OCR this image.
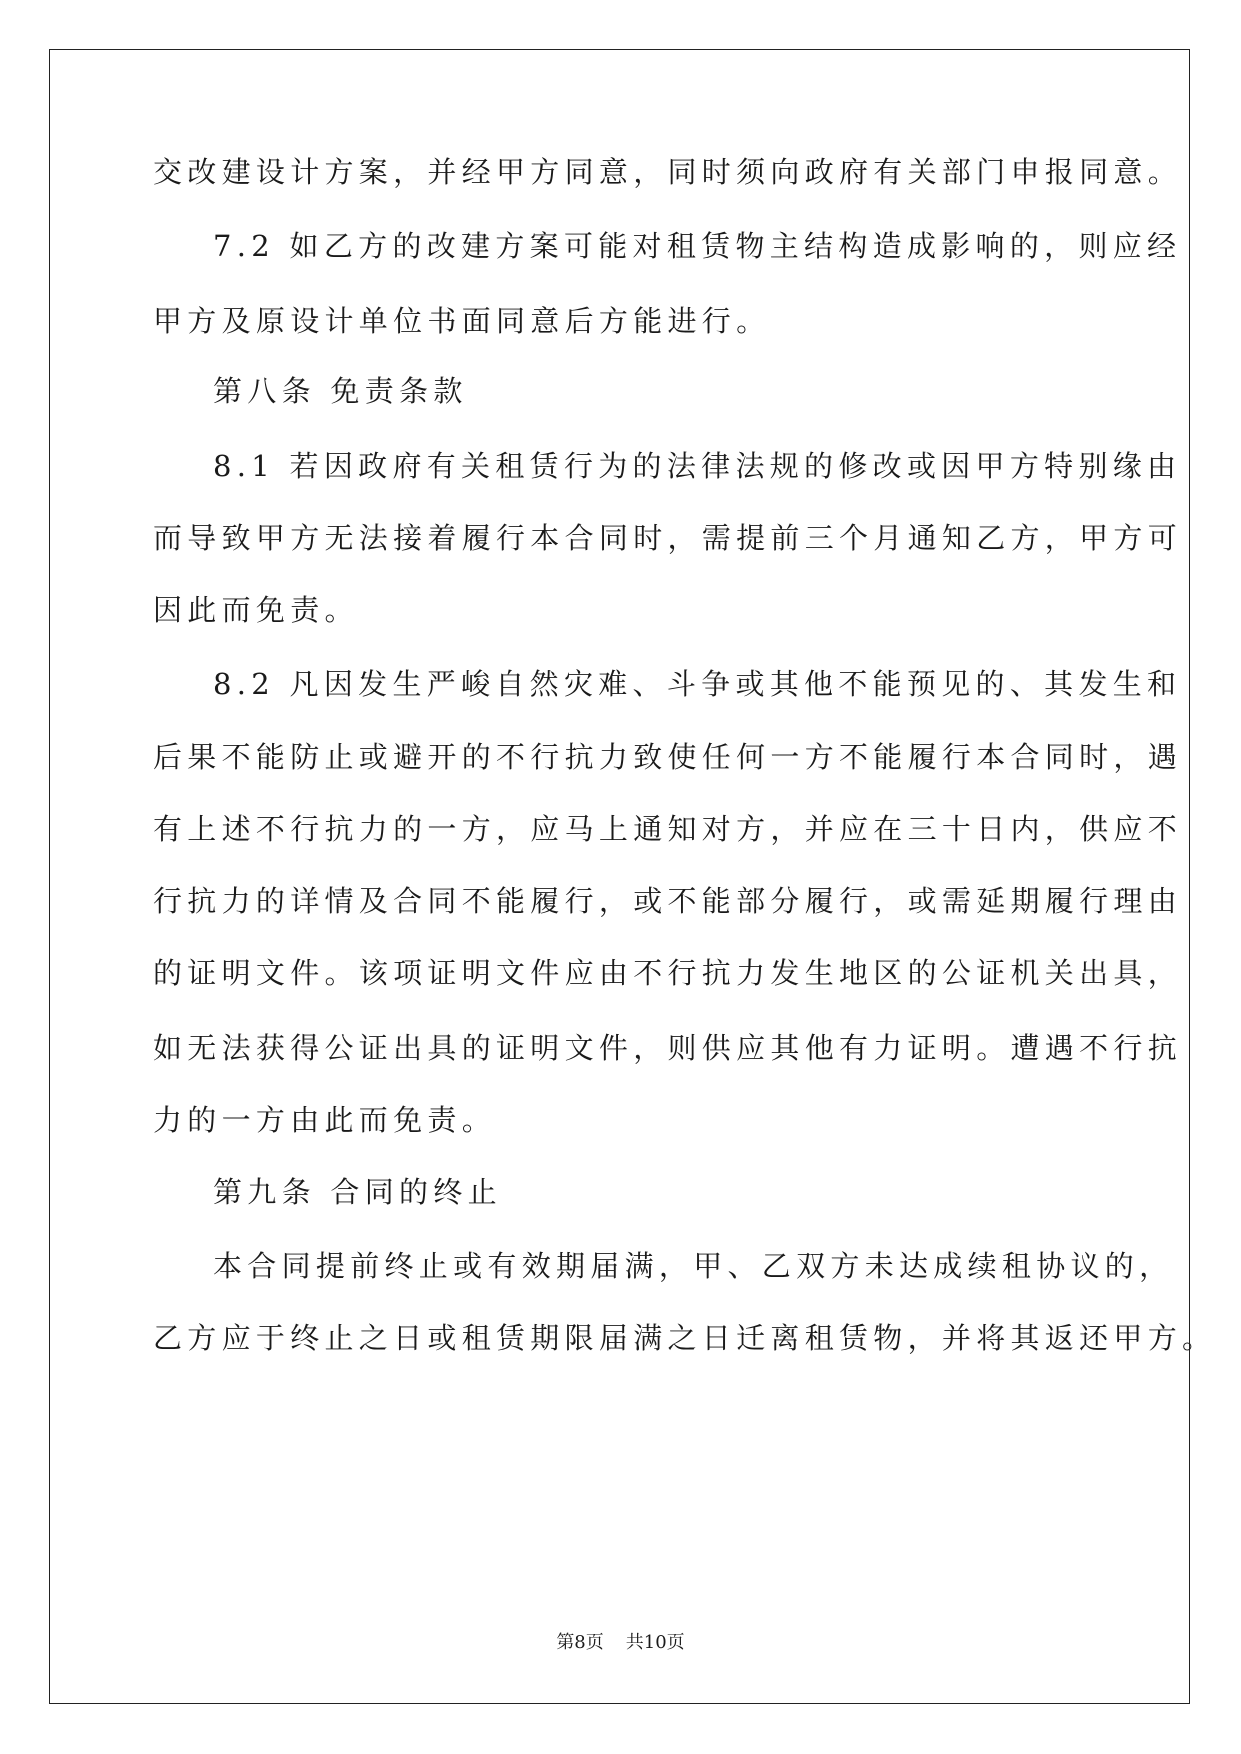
交改建设计方案，并经甲方同意，同时须向政府有关部门申报同意。
7.2 如乙方的改建方案可能对租赁物主结构造成影响的，则应经
甲方及原设计单位书面同意后方能进行。
第八条 免责条款
8.1 若因政府有关租赁行为的法律法规的修改或因甲方特别缘由
而导致甲方无法接着履行本合同时，需提前三个月通知乙方，甲方可
因此而免责。
8.2 凡因发生严峻自然灾难、斗争或其他不能预见的、其发生和
后果不能防止或避开的不行抗力致使任何一方不能履行本合同时，遇
有上述不行抗力的一方，应马上通知对方，并应在三十日内，供应不
行抗力的详情及合同不能履行，或不能部分履行，或需延期履行理由
的证明文件。该项证明文件应由不行抗力发生地区的公证机关出具，
如无法获得公证出具的证明文件，则供应其他有力证明。遭遇不行抗
力的一方由此而免责。
第九条 合同的终止
本合同提前终止或有效期届满，甲、乙双方未达成续租协议的，
乙方应于终止之日或租赁期限届满之日迁离租赁物，并将其返还甲方。
第8页 共10页
